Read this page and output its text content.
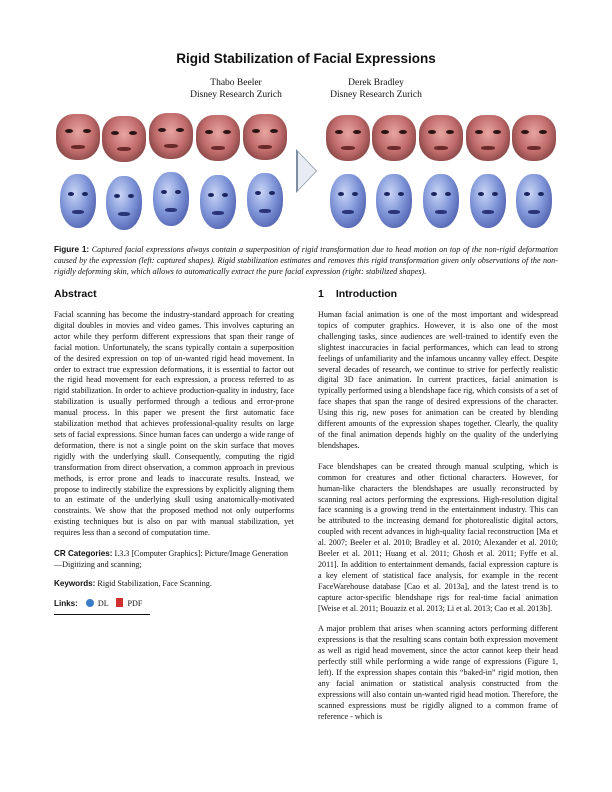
Rigid Stabilization of Facial Expressions
Thabo Beeler
Disney Research Zurich
Derek Bradley
Disney Research Zurich
Figure 1: Captured facial expressions always contain a superposition of rigid transformation due to head motion on top of the non-rigid deformation caused by the expression (left: captured shapes). Rigid stabilization estimates and removes this rigid transformation given only observations of the non-rigidly deforming skin, which allows to automatically extract the pure facial expression (right: stabilized shapes).
Abstract

Facial scanning has become the industry-standard approach for creating digital doubles in movies and video games. This involves capturing an actor while they perform different expressions that span their range of facial motion. Unfortunately, the scans typically contain a superposition of the desired expression on top of un-wanted rigid head movement. In order to extract true expression deformations, it is essential to factor out the rigid head movement for each expression, a process referred to as rigid stabilization. In order to achieve production-quality in industry, face stabilization is usually performed through a tedious and error-prone manual process. In this paper we present the first automatic face stabilization method that achieves professional-quality results on large sets of facial expressions. Since human faces can undergo a wide range of deformation, there is not a single point on the skin surface that moves rigidly with the underlying skull. Consequently, computing the rigid transformation from direct observation, a common approach in previous methods, is error prone and leads to inaccurate results. Instead, we propose to indirectly stabilize the expressions by explicitly aligning them to an estimate of the underlying skull using anatomically-motivated constraints. We show that the proposed method not only outperforms existing techniques but is also on par with manual stabilization, yet requires less than a second of computation time.

CR Categories: I.3.3 [Computer Graphics]: Picture/Image Generation—Digitizing and scanning;

Keywords: Rigid Stabilization, Face Scanning.

Links: DL PDF
1 Introduction

Human facial animation is one of the most important and widespread topics of computer graphics. However, it is also one of the most challenging tasks, since audiences are well-trained to identify even the slightest inaccuracies in facial performances, which can lead to strong feelings of unfamiliarity and the infamous uncanny valley effect. Despite several decades of research, we continue to strive for perfectly realistic digital 3D face animation. In current practices, facial animation is typically performed using a blendshape face rig, which consists of a set of face shapes that span the range of desired expressions of the character. Using this rig, new poses for animation can be created by blending different amounts of the expression shapes together. Clearly, the quality of the final animation depends highly on the quality of the underlying blendshapes.

Face blendshapes can be created through manual sculpting, which is common for creatures and other fictional characters. However, for human-like characters the blendshapes are usually reconstructed by scanning real actors performing the expressions. High-resolution digital face scanning is a growing trend in the entertainment industry. This can be attributed to the increasing demand for photorealistic digital actors, coupled with recent advances in high-quality facial reconstruction [Ma et al. 2007; Beeler et al. 2010; Bradley et al. 2010; Alexander et al. 2010; Beeler et al. 2011; Huang et al. 2011; Ghosh et al. 2011; Fyffe et al. 2011]. In addition to entertainment demands, facial expression capture is a key element of statistical face analysis, for example in the recent FaceWarehouse database [Cao et al. 2013a], and the latest trend is to capture actor-specific blendshape rigs for real-time facial animation [Weise et al. 2011; Bouaziz et al. 2013; Li et al. 2013; Cao et al. 2013b].

A major problem that arises when scanning actors performing different expressions is that the resulting scans contain both expression movement as well as rigid head movement, since the actor cannot keep their head perfectly still while performing a wide range of expressions (Figure 1, left). If the expression shapes contain this “baked-in” rigid motion, then any facial animation or statistical analysis constructed from the expressions will also contain un-wanted rigid head motion. Therefore, the scanned expressions must be rigidly aligned to a common frame of reference - which is
